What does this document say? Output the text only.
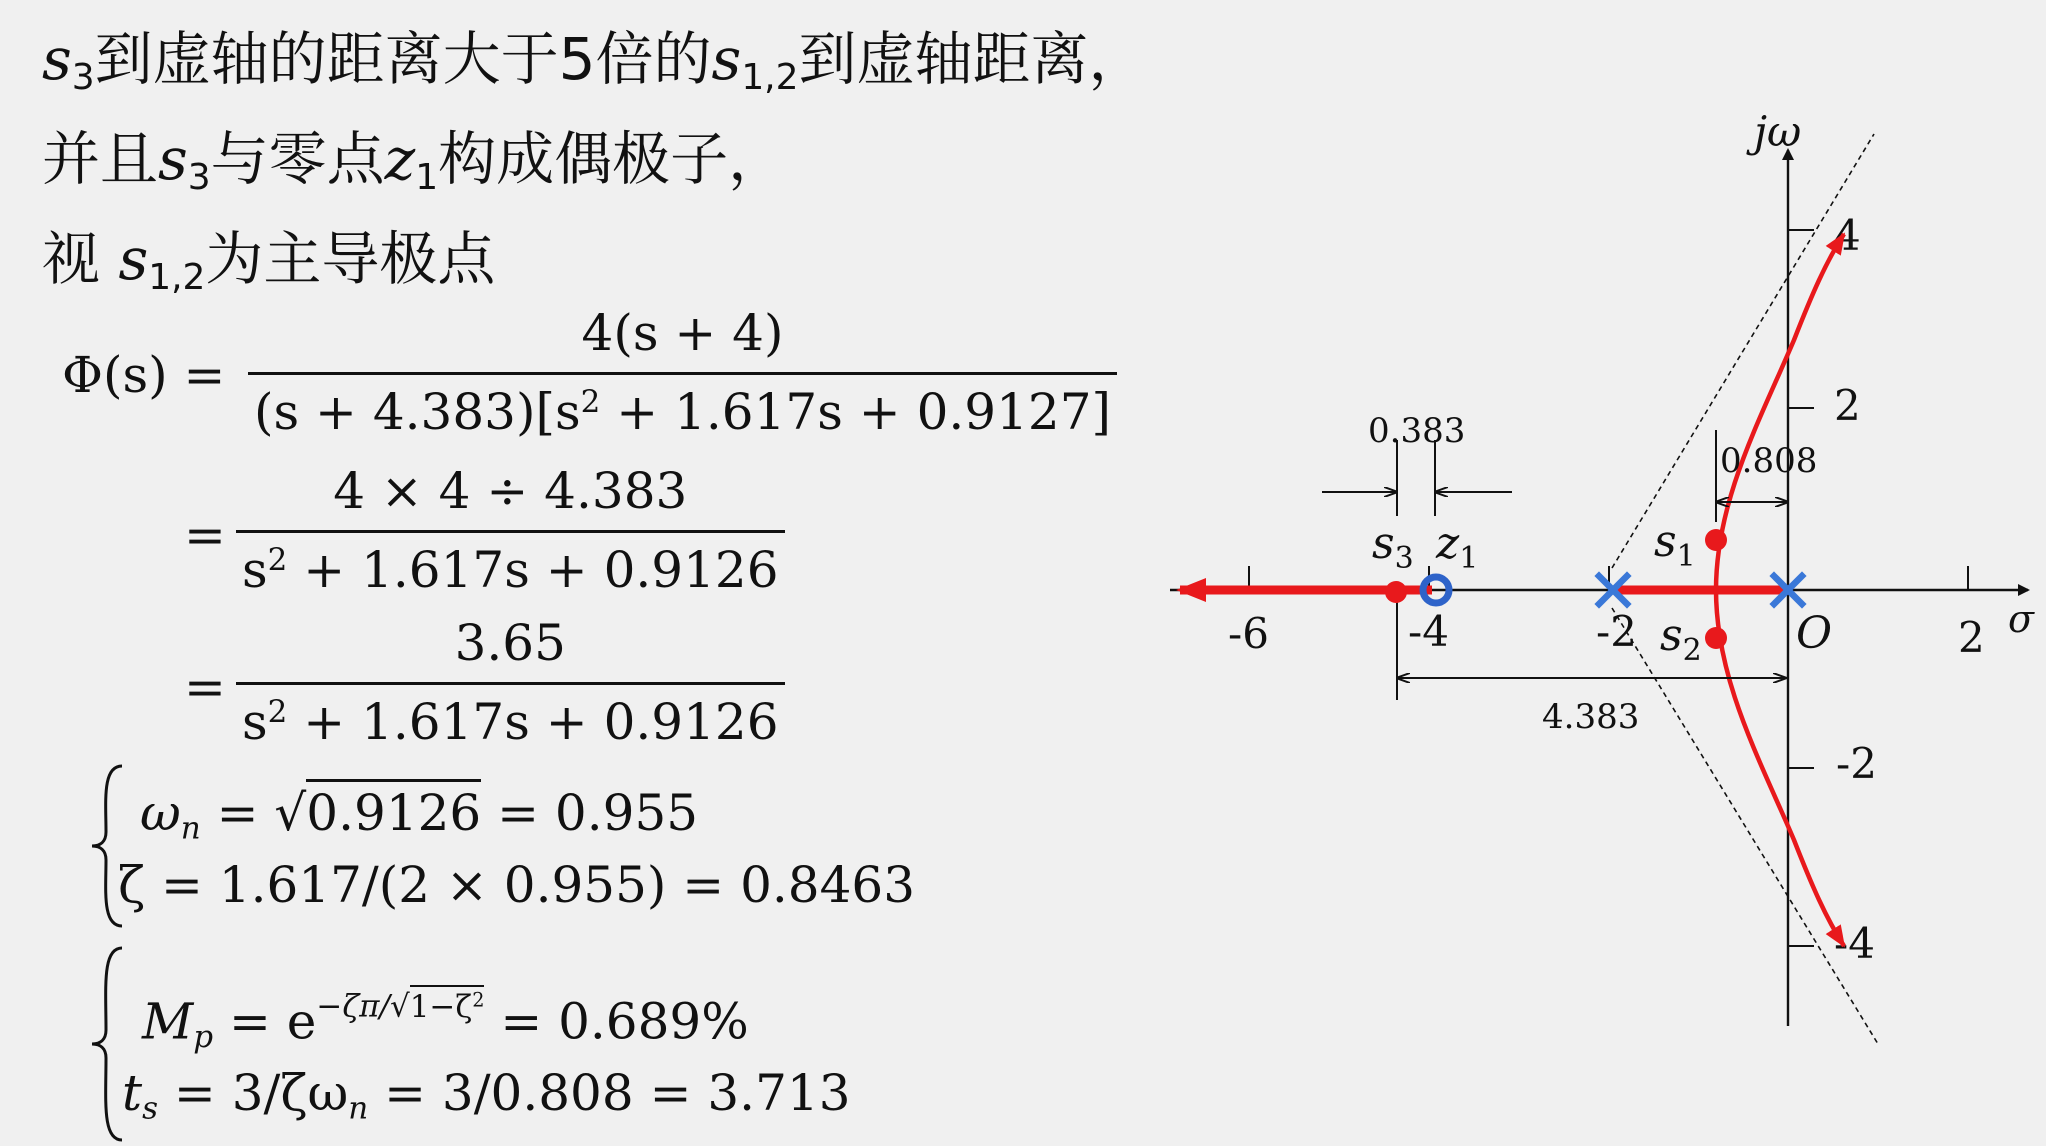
$s_3$到虚轴的距离大于5倍的$s_{1,2}$到虚轴距离，
并且$s_3$与零点$z_1$构成偶极子，
视 $s_{1,2}$为主导极点
Φ(s) =
4(s + 4)
$(s + 4.383)[s^2 + 1.617s + 0.9127]$
=
4 × 4 ÷ 4.383
$s^2 + 1.617s + 0.9126$
=
3.65
$s^2 + 1.617s + 0.9126$
$\omega_n = √0.9126 = 0.955$
ζ = 1.617/(2 × 0.955) = 0.8463
$M_p = e^{-\zeta\pi/√1-\zeta^2} = 0.689\%$
$t_s = 3/\zeta\omega_n = 3/0.808 = 3.713$
-6	-4	-2	2
4
2
-2
-4
σ
jω
O
0.383
0.808
4.383
$s_3$ $z_1$	$s_1$
$s_2$
